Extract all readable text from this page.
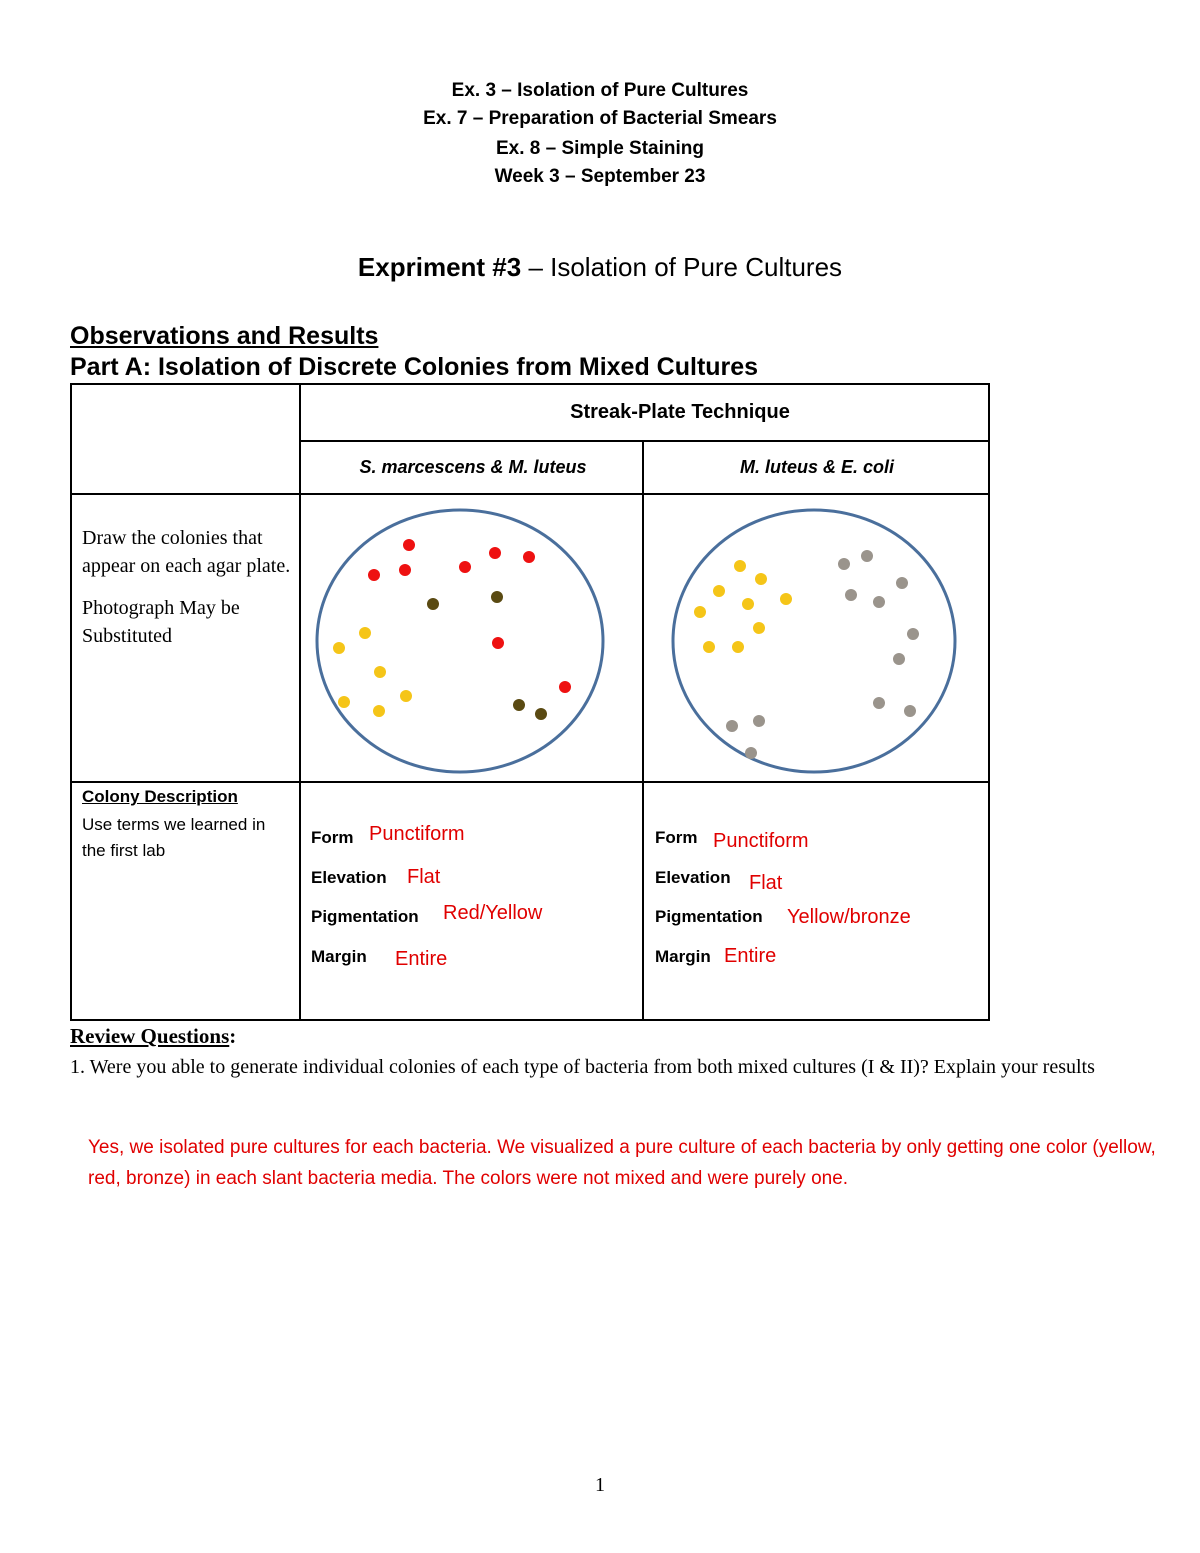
Ex. 3 – Isolation of Pure Cultures
Ex. 7 – Preparation of Bacterial Smears
Ex. 8 – Simple Staining
Week 3 – September 23
Expriment #3 – Isolation of Pure Cultures
Observations and Results
Part A: Isolation of Discrete Colonies from Mixed Cultures
Streak-Plate Technique
S. marcescens & M. luteus	M. luteus & E. coli

Draw the colonies that appear on each agar plate.

Photograph May be Substituted

Colony Description
Use terms we learned in the first lab
Form Punctiform
Elevation Flat
Pigmentation Red/Yellow
Margin Entire
Form Punctiform
Elevation Flat
Pigmentation Yellow/bronze
Margin Entire
Review Questions:
1. Were you able to generate individual colonies of each type of bacteria from both mixed cultures (I & II)? Explain your results
Yes, we isolated pure cultures for each bacteria. We visualized a pure culture of each bacteria by only getting one color (yellow, red, bronze) in each slant bacteria media. The colors were not mixed and were purely one.
1
